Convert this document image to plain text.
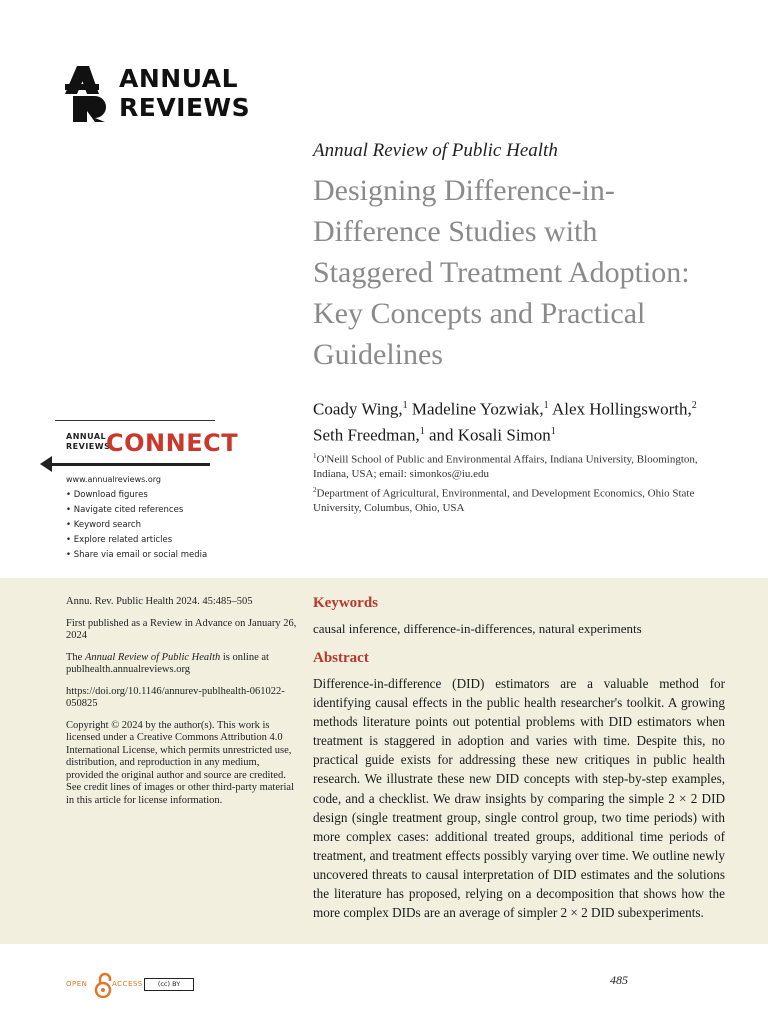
ANNUAL
REVIEWS
Annual Review of Public Health
Designing Difference-in-
Difference Studies with
Staggered Treatment Adoption:
Key Concepts and Practical
Guidelines
Coady Wing,$^1$ Madeline Yozwiak,$^1$ Alex Hollingsworth,$^2$
Seth Freedman,$^1$ and Kosali Simon$^1$
$^1$O'Neill School of Public and Environmental Affairs, Indiana University, Bloomington, Indiana, USA; email: simonkos@iu.edu
$^2$Department of Agricultural, Environmental, and Development Economics, Ohio State University, Columbus, Ohio, USA
ANNUAL
REVIEWS
CONNECT
www.annualreviews.org
• Download figures
• Navigate cited references
• Keyword search
• Explore related articles
• Share via email or social media

Annu. Rev. Public Health 2024. 45:485–505

First published as a Review in Advance on January 26, 2024

The Annual Review of Public Health is online at publhealth.annualreviews.org

https://doi.org/10.1146/annurev-publhealth-061022-050825

Copyright © 2024 by the author(s). This work is licensed under a Creative Commons Attribution 4.0 International License, which permits unrestricted use, distribution, and reproduction in any medium, provided the original author and source are credited. See credit lines of images or other third-party material in this article for license information.

Keywords
causal inference, difference-in-differences, natural experiments
Abstract
Difference-in-difference (DID) estimators are a valuable method for identifying causal effects in the public health researcher's toolkit. A growing methods literature points out potential problems with DID estimators when treatment is staggered in adoption and varies with time. Despite this, no practical guide exists for addressing these new critiques in public health research. We illustrate these new DID concepts with step-by-step examples, code, and a checklist. We draw insights by comparing the simple 2 × 2 DID design (single treatment group, single control group, two time periods) with more complex cases: additional treated groups, additional time periods of treatment, and treatment effects possibly varying over time. We outline newly uncovered threats to causal interpretation of DID estimates and the solutions the literature has proposed, relying on a decomposition that shows how the more complex DIDs are an average of simpler 2 × 2 DID subexperiments.
OPEN	ACCESS	(cc) BY	485
